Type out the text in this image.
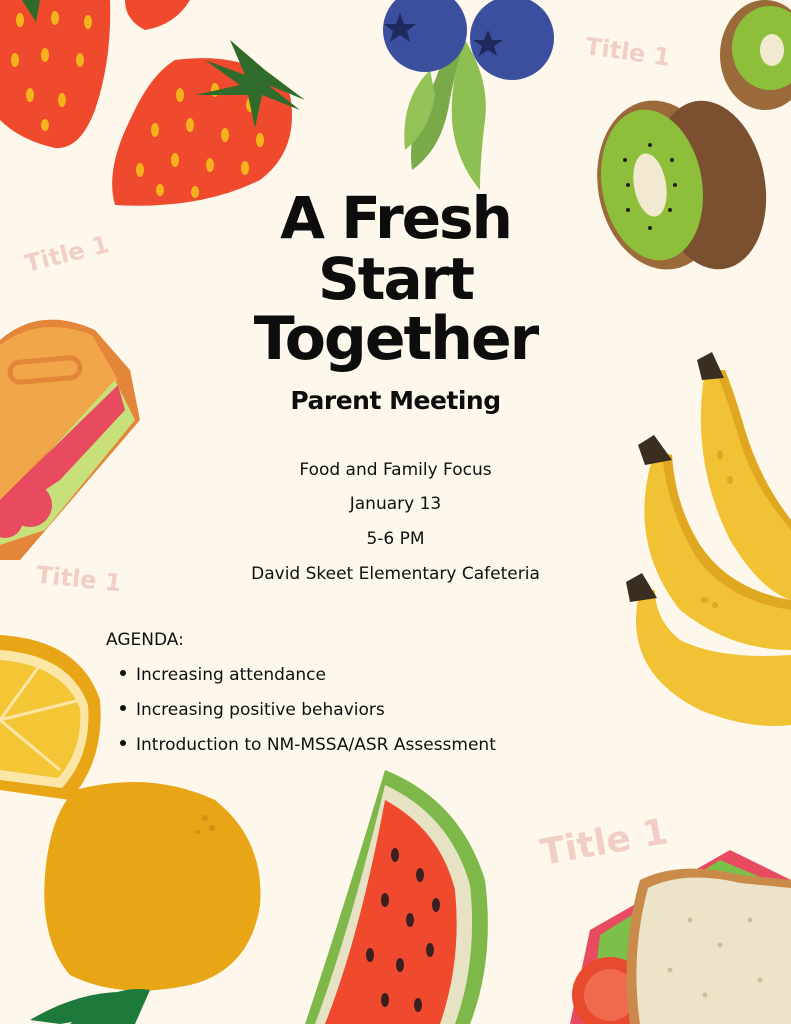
Title 1
Title 1
Title 1
Title 1
A Fresh
Start
Together
Parent Meeting
Food and Family Focus
January 13
5-6 PM
David Skeet Elementary Cafeteria
AGENDA:
Increasing attendance
Increasing positive behaviors
Introduction to NM-MSSA/ASR Assessment
